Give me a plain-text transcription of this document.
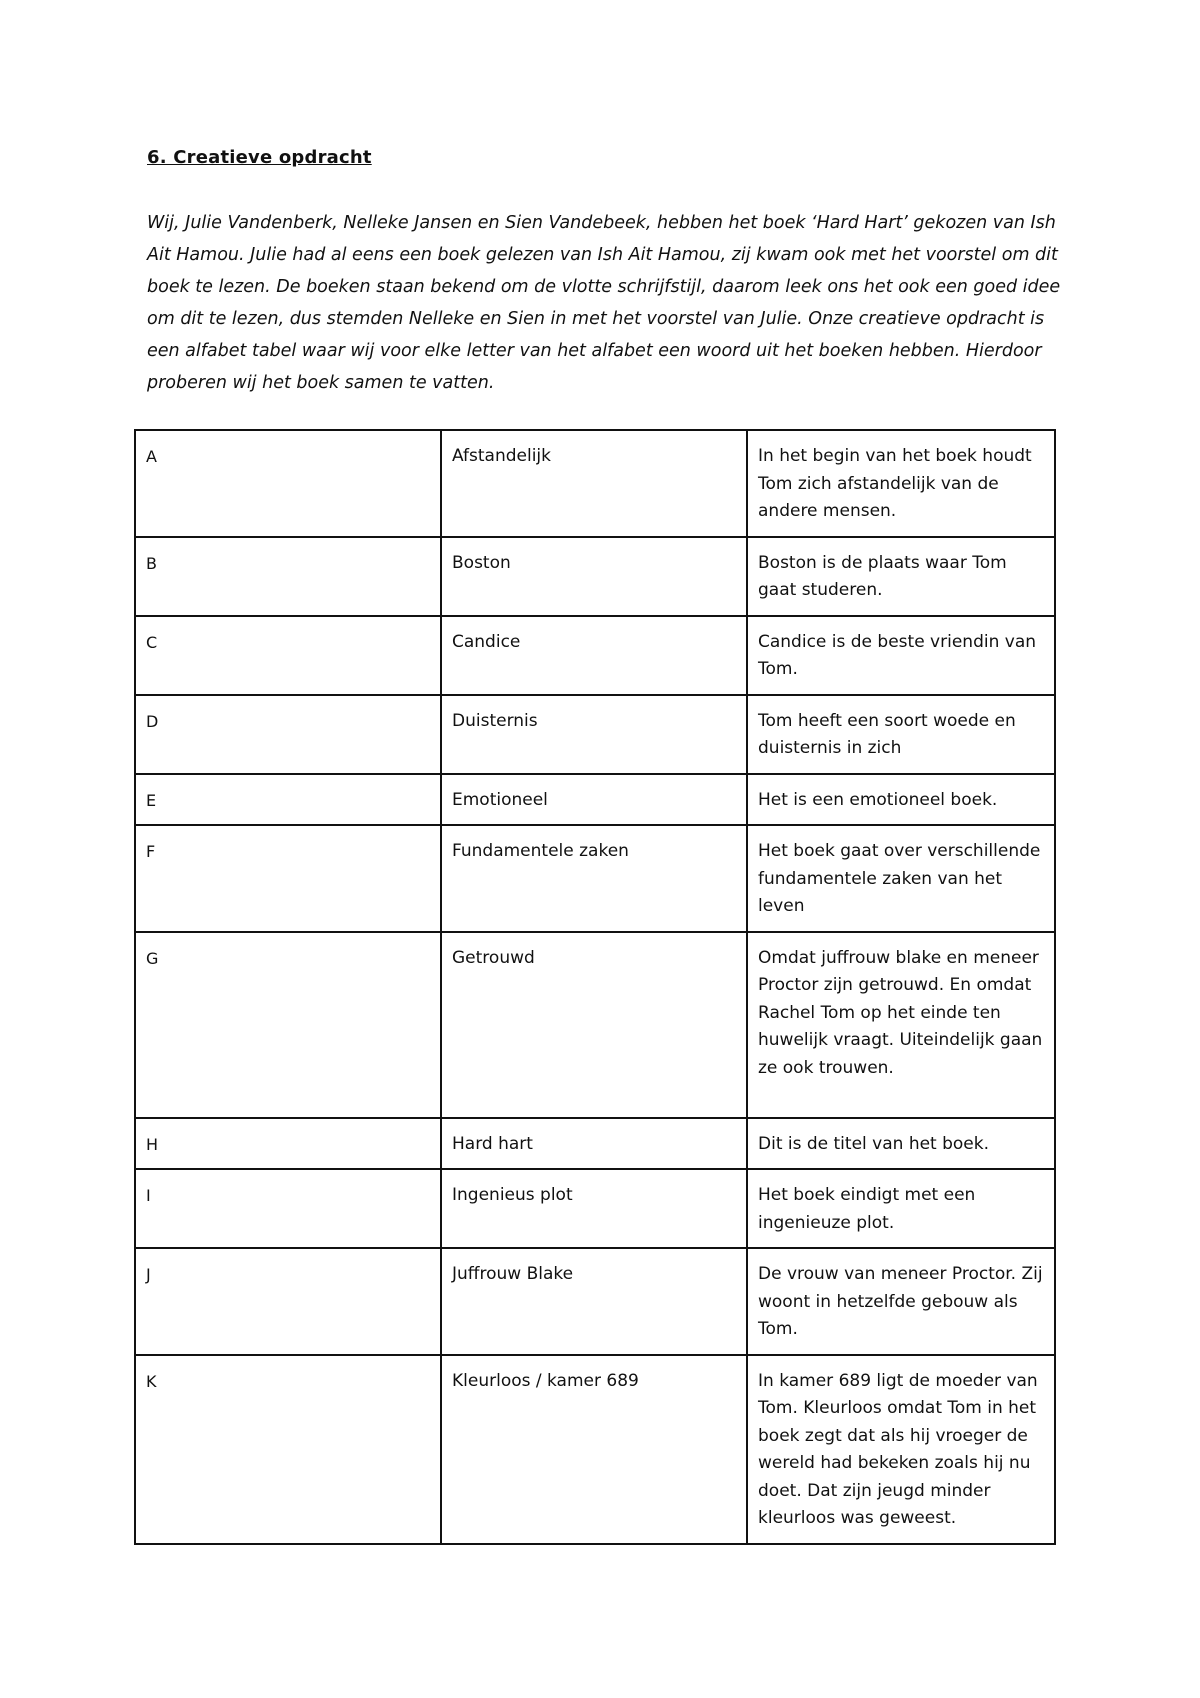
6. Creatieve opdracht

Wij, Julie Vandenberk, Nelleke Jansen en Sien Vandebeek, hebben het boek ‘Hard Hart’ gekozen van Ish Ait Hamou. Julie had al eens een boek gelezen van Ish Ait Hamou, zij kwam ook met het voorstel om dit boek te lezen. De boeken staan bekend om de vlotte schrijfstijl, daarom leek ons het ook een goed idee om dit te lezen, dus stemden Nelleke en Sien in met het voorstel van Julie. Onze creatieve opdracht is een alfabet tabel waar wij voor elke letter van het alfabet een woord uit het boeken hebben. Hierdoor proberen wij het boek samen te vatten.

A	Afstandelijk	In het begin van het boek houdt Tom zich afstandelijk van de andere mensen.
B	Boston	Boston is de plaats waar Tom gaat studeren.
C	Candice	Candice is de beste vriendin van Tom.
D	Duisternis	Tom heeft een soort woede en duisternis in zich
E	Emotioneel	Het is een emotioneel boek.
F	Fundamentele zaken	Het boek gaat over verschillende fundamentele zaken van het leven
G	Getrouwd	Omdat juffrouw blake en meneer Proctor zijn getrouwd. En omdat Rachel Tom op het einde ten huwelijk vraagt. Uiteindelijk gaan ze ook trouwen.
H	Hard hart	Dit is de titel van het boek.
I	Ingenieus plot	Het boek eindigt met een ingenieuze plot.
J	Juffrouw Blake	De vrouw van meneer Proctor. Zij woont in hetzelfde gebouw als Tom.
K	Kleurloos / kamer 689	In kamer 689 ligt de moeder van Tom. Kleurloos omdat Tom in het boek zegt dat als hij vroeger de wereld had bekeken zoals hij nu doet. Dat zijn jeugd minder kleurloos was geweest.
